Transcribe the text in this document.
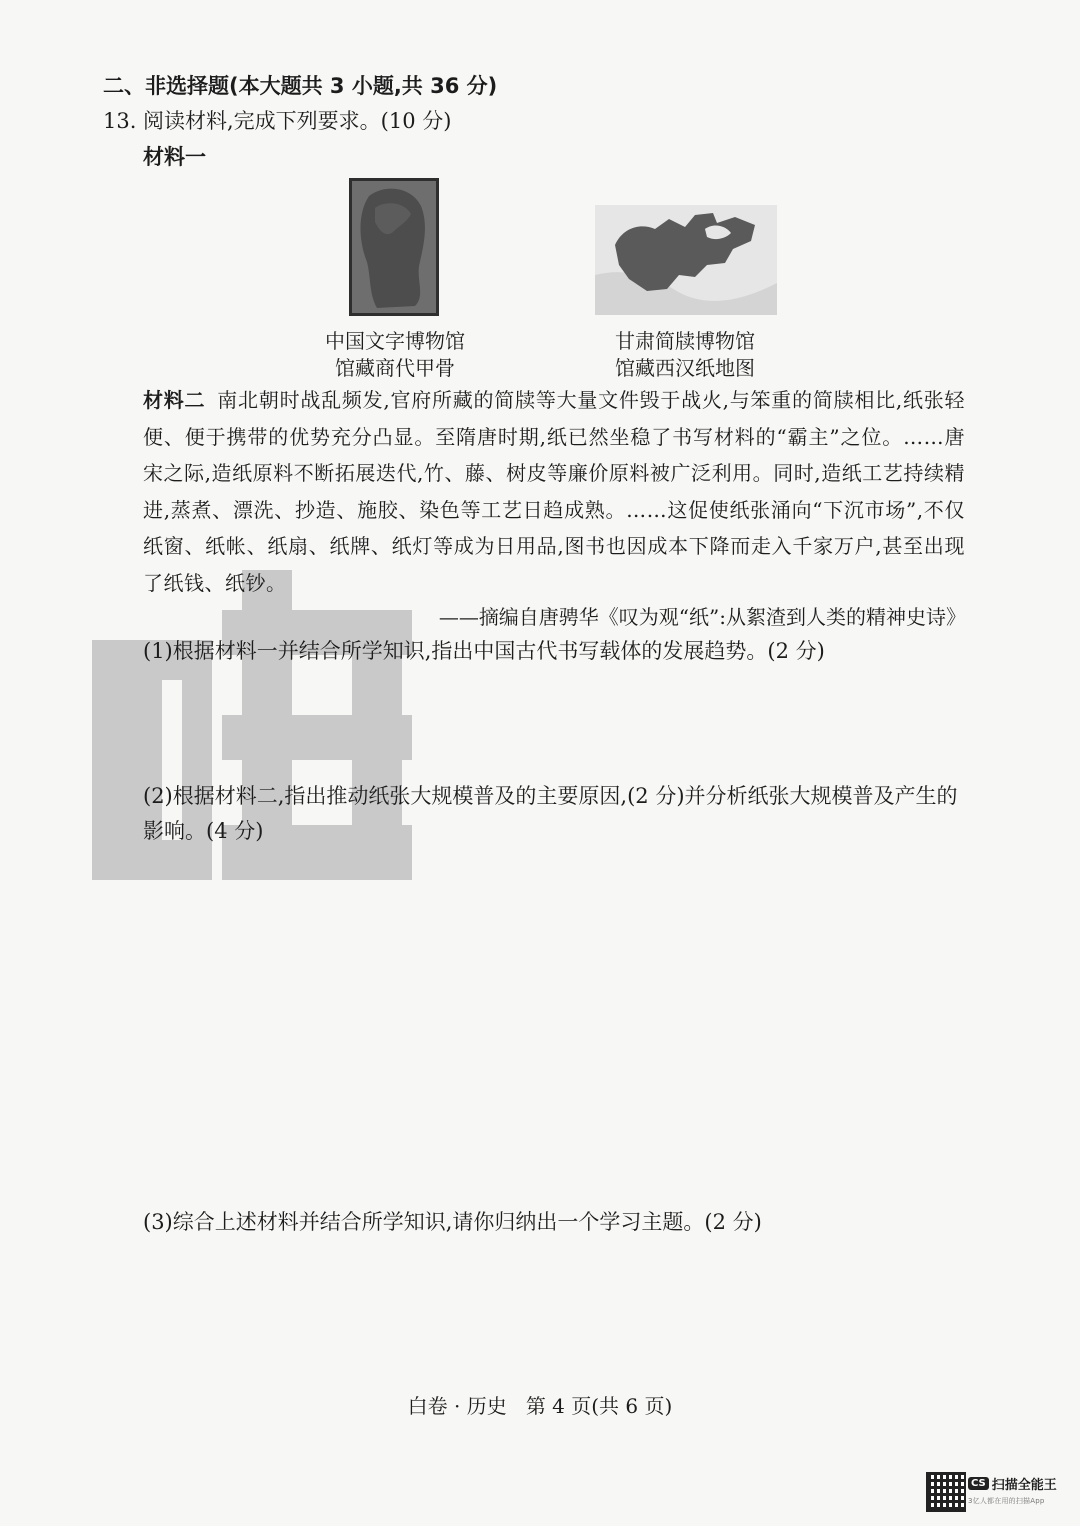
二、非选择题(本大题共 3 小题,共 36 分)
13. 阅读材料,完成下列要求。(10 分)
材料一
中国文字博物馆
馆藏商代甲骨
甘肃简牍博物馆
馆藏西汉纸地图
材料二 南北朝时战乱频发,官府所藏的简牍等大量文件毁于战火,与笨重的简牍相比,纸张轻便、便于携带的优势充分凸显。至隋唐时期,纸已然坐稳了书写材料的“霸主”之位。……唐宋之际,造纸原料不断拓展迭代,竹、藤、树皮等廉价原料被广泛利用。同时,造纸工艺持续精进,蒸煮、漂洗、抄造、施胶、染色等工艺日趋成熟。……这促使纸张涌向“下沉市场”,不仅纸窗、纸帐、纸扇、纸牌、纸灯等成为日用品,图书也因成本下降而走入千家万户,甚至出现了纸钱、纸钞。
——摘编自唐骋华《叹为观“纸”:从絮渣到人类的精神史诗》
(1)根据材料一并结合所学知识,指出中国古代书写载体的发展趋势。(2 分)
(2)根据材料二,指出推动纸张大规模普及的主要原因,(2 分)并分析纸张大规模普及产生的
影响。(4 分)
(3)综合上述材料并结合所学知识,请你归纳出一个学习主题。(2 分)
白卷 · 历史   第 4 页(共 6 页)
CS 扫描全能王
3亿人都在用的扫描App
